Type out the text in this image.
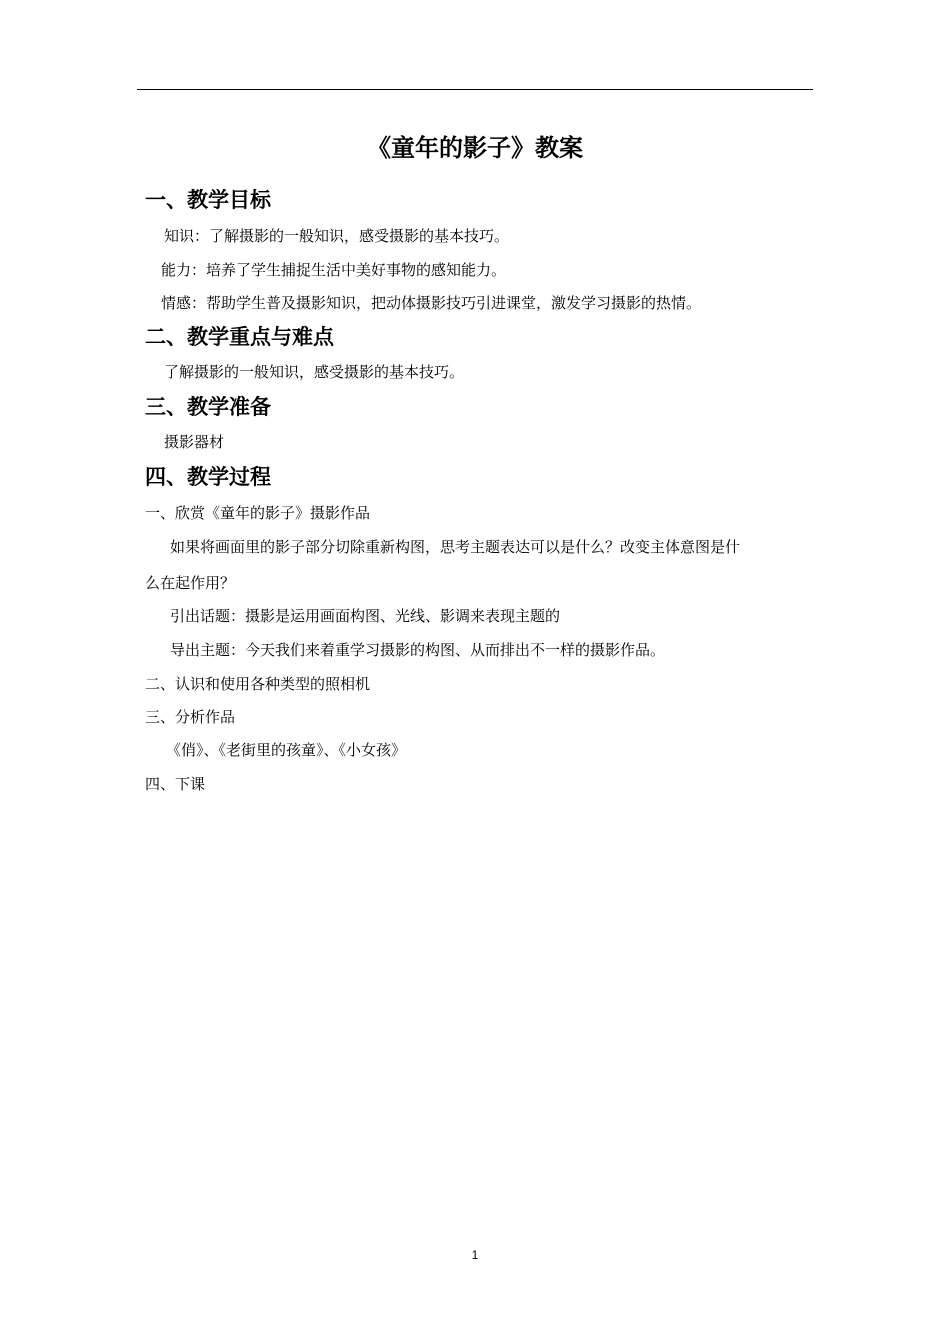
《童年的影子》教案
一、教学目标

知识：了解摄影的一般知识，感受摄影的基本技巧。

能力：培养了学生捕捉生活中美好事物的感知能力。

情感：帮助学生普及摄影知识，把动体摄影技巧引进课堂，激发学习摄影的热情。

二、教学重点与难点

了解摄影的一般知识，感受摄影的基本技巧。

三、教学准备

摄影器材

四、教学过程

一、欣赏《童年的影子》摄影作品

如果将画面里的影子部分切除重新构图，思考主题表达可以是什么？改变主体意图是什

么在起作用？

引出话题：摄影是运用画面构图、光线、影调来表现主题的

导出主题：今天我们来着重学习摄影的构图、从而排出不一样的摄影作品。

二、认识和使用各种类型的照相机

三、分析作品

《俏》、《老街里的孩童》、《小女孩》

四、下课

1
